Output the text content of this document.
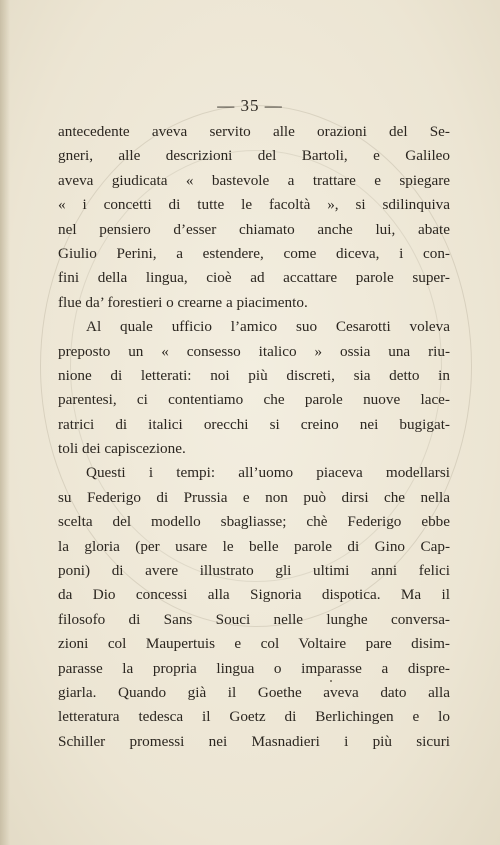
— 35 —
antecedente aveva servito alle orazioni del Se-
gneri, alle descrizioni del Bartoli, e Galileo
aveva giudicata « bastevole a trattare e spiegare
« i concetti di tutte le facoltà », si sdilinquiva
nel pensiero d’esser chiamato anche lui, abate
Giulio Perini, a estendere, come diceva, i con-
fini della lingua, cioè ad accattare parole super-
flue da’ forestieri o crearne a piacimento.
Al quale ufficio l’amico suo Cesarotti voleva
preposto un « consesso italico » ossia una riu-
nione di letterati: noi più discreti, sia detto in
parentesi, ci contentiamo che parole nuove lace-
ratrici di italici orecchi si creino nei bugigat-
toli dei capiscezione.
Questi i tempi: all’uomo piaceva modellarsi
su Federigo di Prussia e non può dirsi che nella
scelta del modello sbagliasse; chè Federigo ebbe
la gloria (per usare le belle parole di Gino Cap-
poni) di avere illustrato gli ultimi anni felici
da Dio concessi alla Signoria dispotica. Ma il
filosofo di Sans Souci nelle lunghe conversa-
zioni col Maupertuis e col Voltaire pare disim-
parasse la propria lingua o imparasse a dispre-
giarla. Quando già il Goethe aveva dato alla
letteratura tedesca il Goetz di Berlichingen e lo
Schiller promessi nei Masnadieri i più sicuri
